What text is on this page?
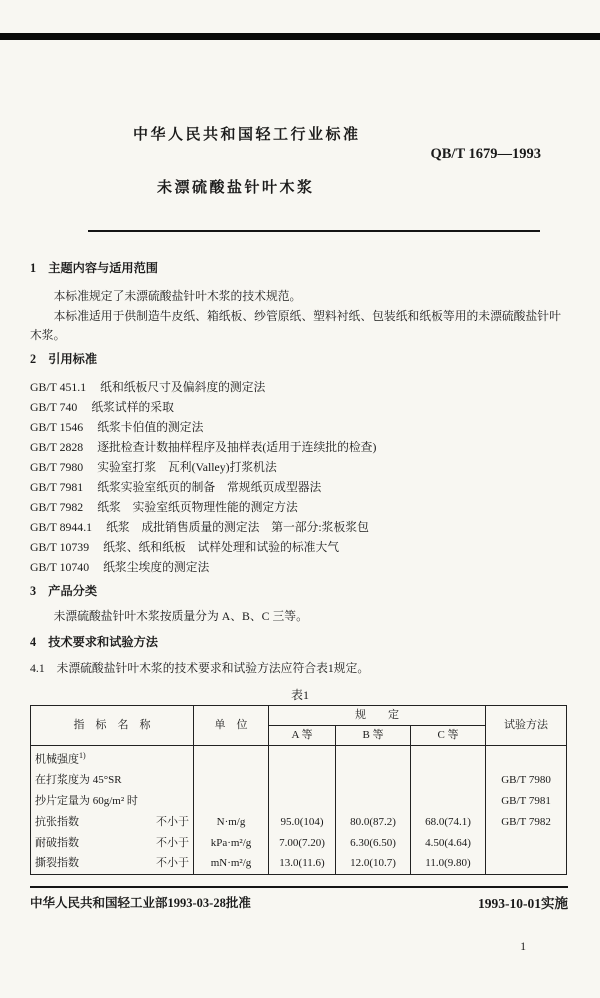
中华人民共和国轻工行业标准
QB/T 1679—1993
未漂硫酸盐针叶木浆
1　主题内容与适用范围

本标准规定了未漂硫酸盐针叶木浆的技术规范。

本标准适用于供制造牛皮纸、箱纸板、纱管原纸、塑料衬纸、包装纸和纸板等用的未漂硫酸盐针叶木浆。

2　引用标准
GB/T 451.1 纸和纸板尺寸及偏斜度的测定法
GB/T 740 纸浆试样的采取
GB/T 1546 纸浆卡伯值的测定法
GB/T 2828 逐批检查计数抽样程序及抽样表(适用于连续批的检查)
GB/T 7980 实验室打浆　瓦利(Valley)打浆机法
GB/T 7981 纸浆实验室纸页的制备　常规纸页成型器法
GB/T 7982 纸浆　实验室纸页物理性能的测定方法
GB/T 8944.1 纸浆　成批销售质量的测定法　第一部分:浆板浆包
GB/T 10739 纸浆、纸和纸板　试样处理和试验的标准大气
GB/T 10740 纸浆尘埃度的测定法
3　产品分类

未漂硫酸盐针叶木浆按质量分为 A、B、C 三等。

4　技术要求和试验方法

4.1　未漂硫酸盐针叶木浆的技术要求和试验方法应符合表1规定。

表1
指　标　名　称	单　位	规　　定			试验方法
		A 等	B 等	C 等	

机械强度$^{1)}$

在打浆度为 45°SR					GB/T 7980

抄片定量为 60g/m² 时					GB/T 7981

抗张指数 不小于	N·m/g	95.0(104)	80.0(87.2)	68.0(74.1)	GB/T 7982

耐破指数 不小于	kPa·m²/g	7.00(7.20)	6.30(6.50)	4.50(4.64)	

撕裂指数 不小于	mN·m²/g	13.0(11.6)	12.0(10.7)	11.0(9.80)	
中华人民共和国轻工业部1993-03-28批准	1993-10-01实施
1
